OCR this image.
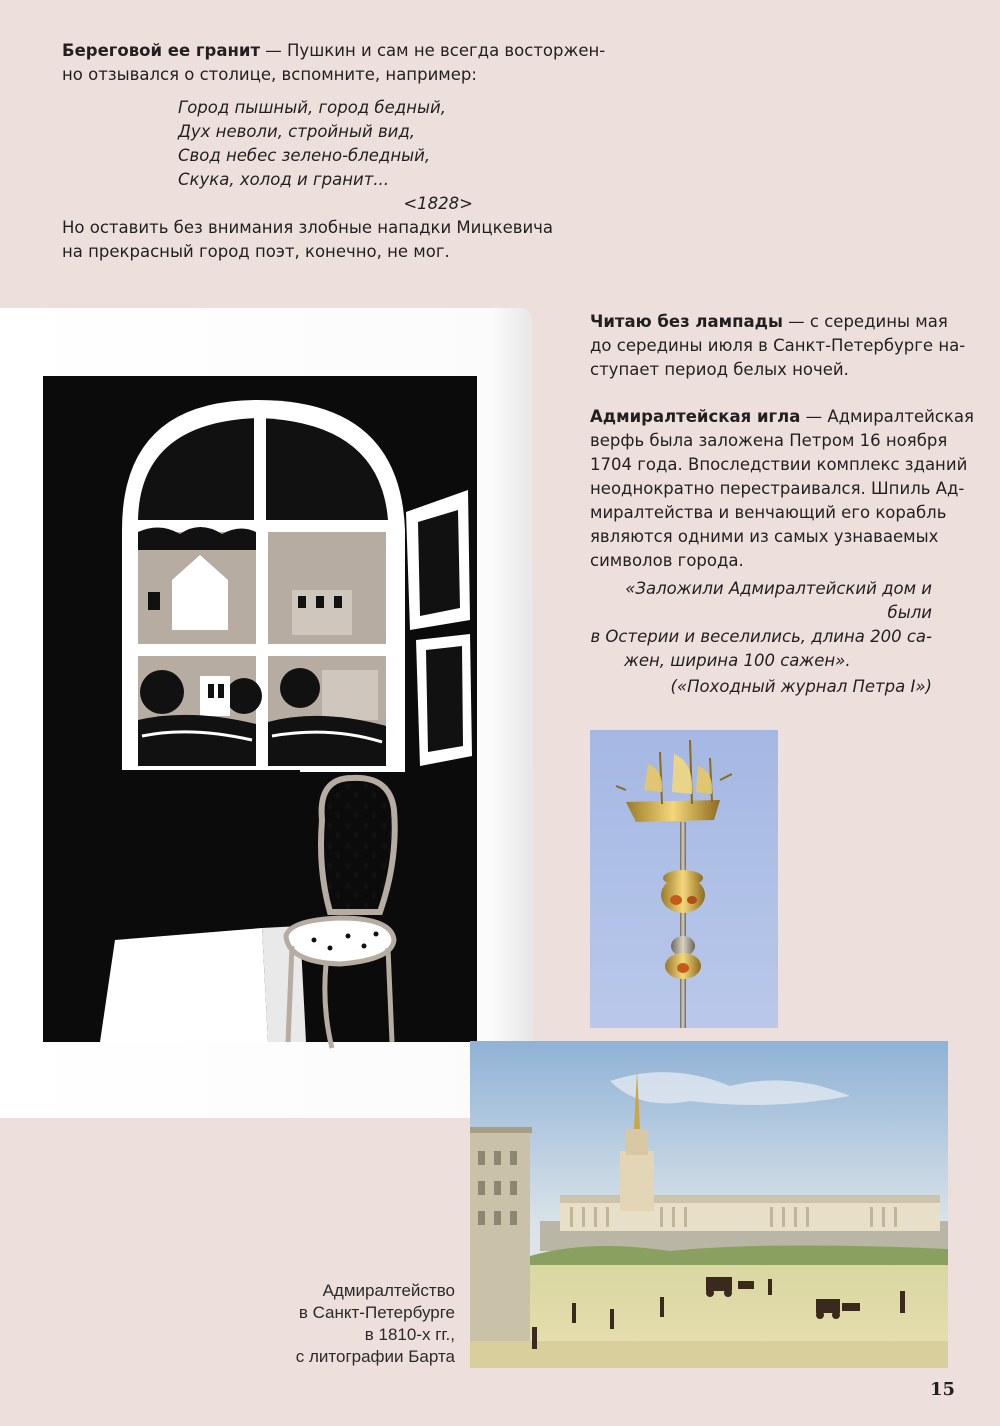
Береговой ее гранит — Пушкин и сам не всегда восторжен-
но отзывался о столице, вспомните, например:

Город пышный, город бедный,
Дух неволи, стройный вид,
Свод небес зелено-бледный,
Скука, холод и гранит...
<1828>

Но оставить без внимания злобные нападки Мицкевича
на прекрасный город поэт, конечно, не мог.

Читаю без лампады — с середины мая
до середины июля в Санкт-Петербурге на-
ступает период белых ночей.

Адмиралтейская игла — Адмиралтейская
верфь была заложена Петром 16 ноября
1704 года. Впоследствии комплекс зданий
неоднократно перестраивался. Шпиль Ад-
миралтейства и венчающий его корабль
являются одними из самых узнаваемых
символов города.

«Заложили Адмиралтейский дом и были
в Остерии и веселились, длина 200 са-
жен, ширина 100 сажен».
(«Походный журнал Петра I»)
Адмиралтейство
в Санкт-Петербурге
в 1810-х гг.,
с литографии Барта
15
